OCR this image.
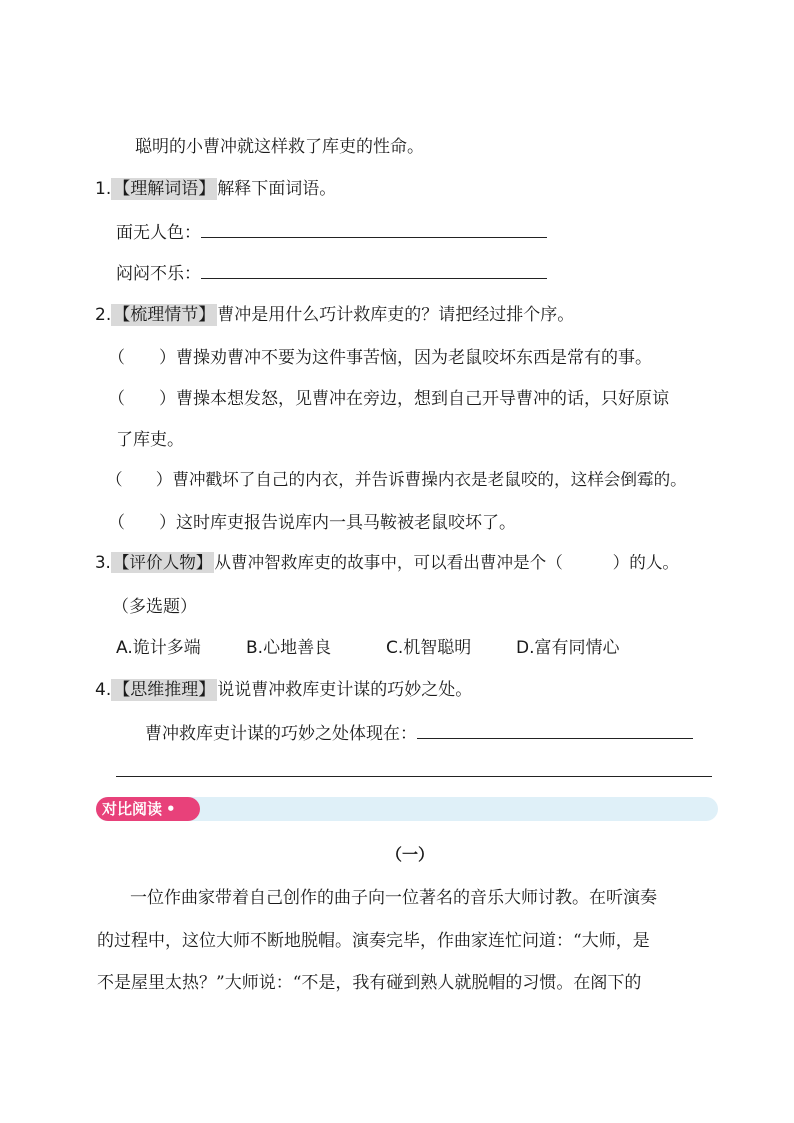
聪明的小曹冲就这样救了库吏的性命。
1. 【理解词语】 解释下面词语。
面无人色：
闷闷不乐：
2. 【梳理情节】 曹冲是用什么巧计救库吏的？请把经过排个序。
（　　）曹操劝曹冲不要为这件事苦恼，因为老鼠咬坏东西是常有的事。
（　　）曹操本想发怒，见曹冲在旁边，想到自己开导曹冲的话，只好原谅
了库吏。
（　　）曹冲戳坏了自己的内衣，并告诉曹操内衣是老鼠咬的，这样会倒霉的。
（　　）这时库吏报告说库内一具马鞍被老鼠咬坏了。
3. 【评价人物】 从曹冲智救库吏的故事中，可以看出曹冲是个（　　　）的人。
（多选题）
A.诡计多端	B.心地善良	C.机智聪明	D.富有同情心
4. 【思维推理】 说说曹冲救库吏计谋的巧妙之处。
曹冲救库吏计谋的巧妙之处体现在：
对比阅读 •
（一）
一位作曲家带着自己创作的曲子向一位著名的音乐大师讨教。在听演奏
的过程中，这位大师不断地脱帽。演奏完毕，作曲家连忙问道：“大师，是
不是屋里太热？”大师说：“不是，我有碰到熟人就脱帽的习惯。在阁下的
